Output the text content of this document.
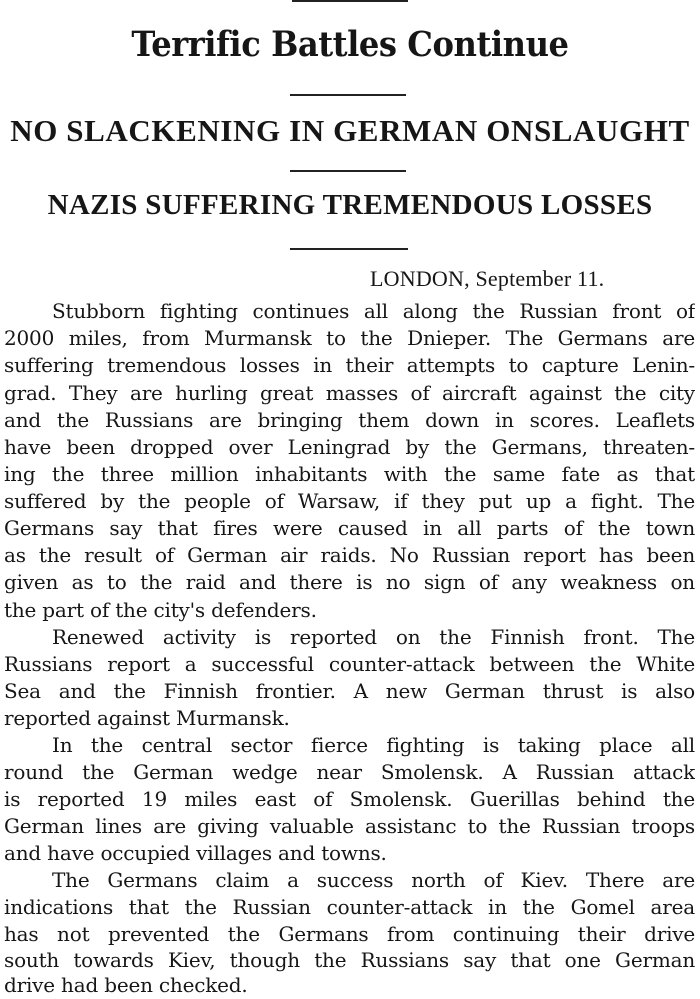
Terrific Battles Continue
NO SLACKENING IN GERMAN ONSLAUGHT
NAZIS SUFFERING TREMENDOUS LOSSES
LONDON, September 11.
Stubborn fighting continues all along the Russian front of
2000 miles, from Murmansk to the Dnieper. The Germans are
suffering tremendous losses in their attempts to capture Lenin-
grad. They are hurling great masses of aircraft against the city
and the Russians are bringing them down in scores. Leaflets
have been dropped over Leningrad by the Germans, threaten-
ing the three million inhabitants with the same fate as that
suffered by the people of Warsaw, if they put up a fight. The
Germans say that fires were caused in all parts of the town
as the result of German air raids. No Russian report has been
given as to the raid and there is no sign of any weakness on
the part of the city's defenders.
Renewed activity is reported on the Finnish front. The
Russians report a successful counter-attack between the White
Sea and the Finnish frontier. A new German thrust is also
reported against Murmansk.
In the central sector fierce fighting is taking place all
round the German wedge near Smolensk. A Russian attack
is reported 19 miles east of Smolensk. Guerillas behind the
German lines are giving valuable assistanc to the Russian troops
and have occupied villages and towns.
The Germans claim a success north of Kiev. There are
indications that the Russian counter-attack in the Gomel area
has not prevented the Germans from continuing their drive
south towards Kiev, though the Russians say that one German
drive had been checked.
